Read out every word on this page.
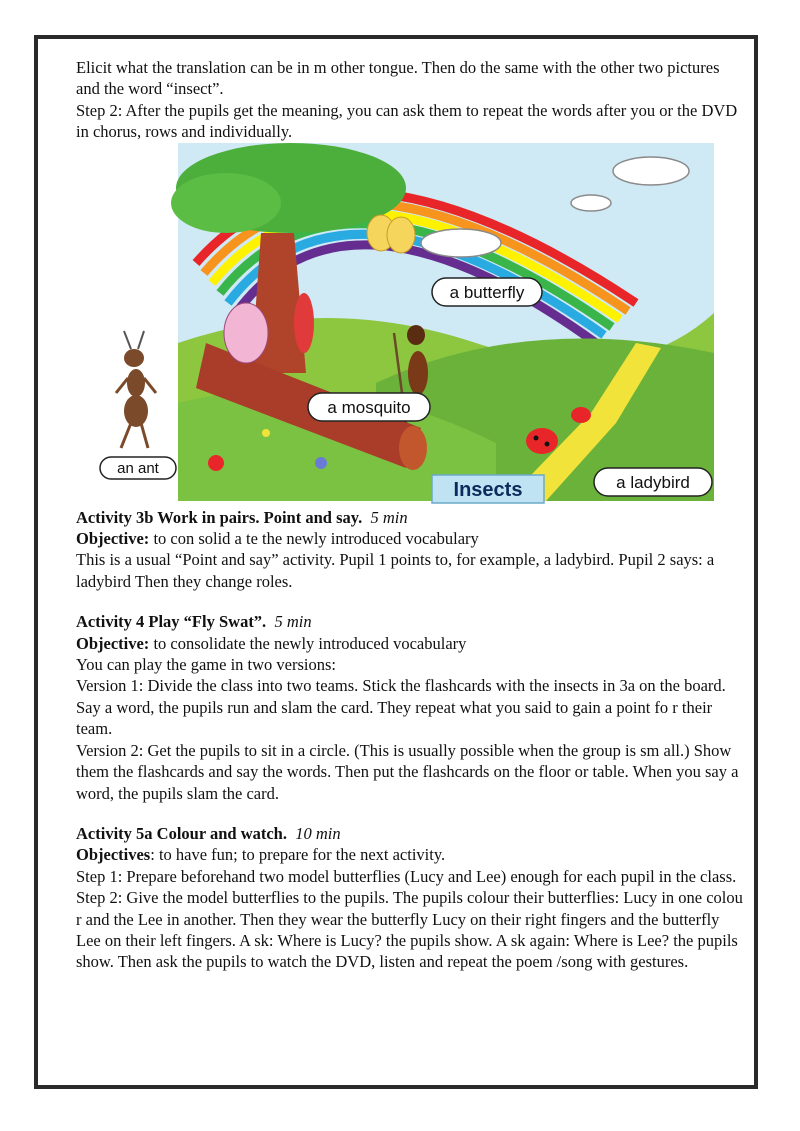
Elicit what the translation can be in m other tongue. Then do the same with the other two pictures and the word “insect”.

Step 2: After the pupils get the meaning, you can ask them to repeat the words after you or the DVD in chorus, rows and individually.

a butterfly
a mosquito
an ant
a ladybird
Insects

Activity 3b Work in pairs. Point and say. 5 min

Objective: to con solid a te the newly introduced vocabulary

This is a usual “Point and say” activity. Pupil 1 points to, for example, a ladybird. Pupil 2 says: a ladybird Then they change roles.

Activity 4 Play “Fly Swat”. 5 min

Objective: to consolidate the newly introduced vocabulary

You can play the game in two versions:

Version 1: Divide the class into two teams. Stick the flashcards with the insects in 3a on the board. Say a word, the pupils run and slam the card. They repeat what you said to gain a point fo r their team.

Version 2: Get the pupils to sit in a circle. (This is usually possible when the group is sm all.) Show them the flashcards and say the words. Then put the flashcards on the floor or table. When you say a word, the pupils slam the card.

Activity 5a Colour and watch. 10 min

Objectives: to have fun; to prepare for the next activity.

Step 1: Prepare beforehand two model butterflies (Lucy and Lee) enough for each pupil in the class.

Step 2: Give the model butterflies to the pupils. The pupils colour their butterflies: Lucy in one colou r and the Lee in another. Then they wear the butterfly Lucy on their right fingers and the butterfly Lee on their left fingers. A sk: Where is Lucy? the pupils show. A sk again: Where is Lee? the pupils show. Then ask the pupils to watch the DVD, listen and repeat the poem /song with gestures.
